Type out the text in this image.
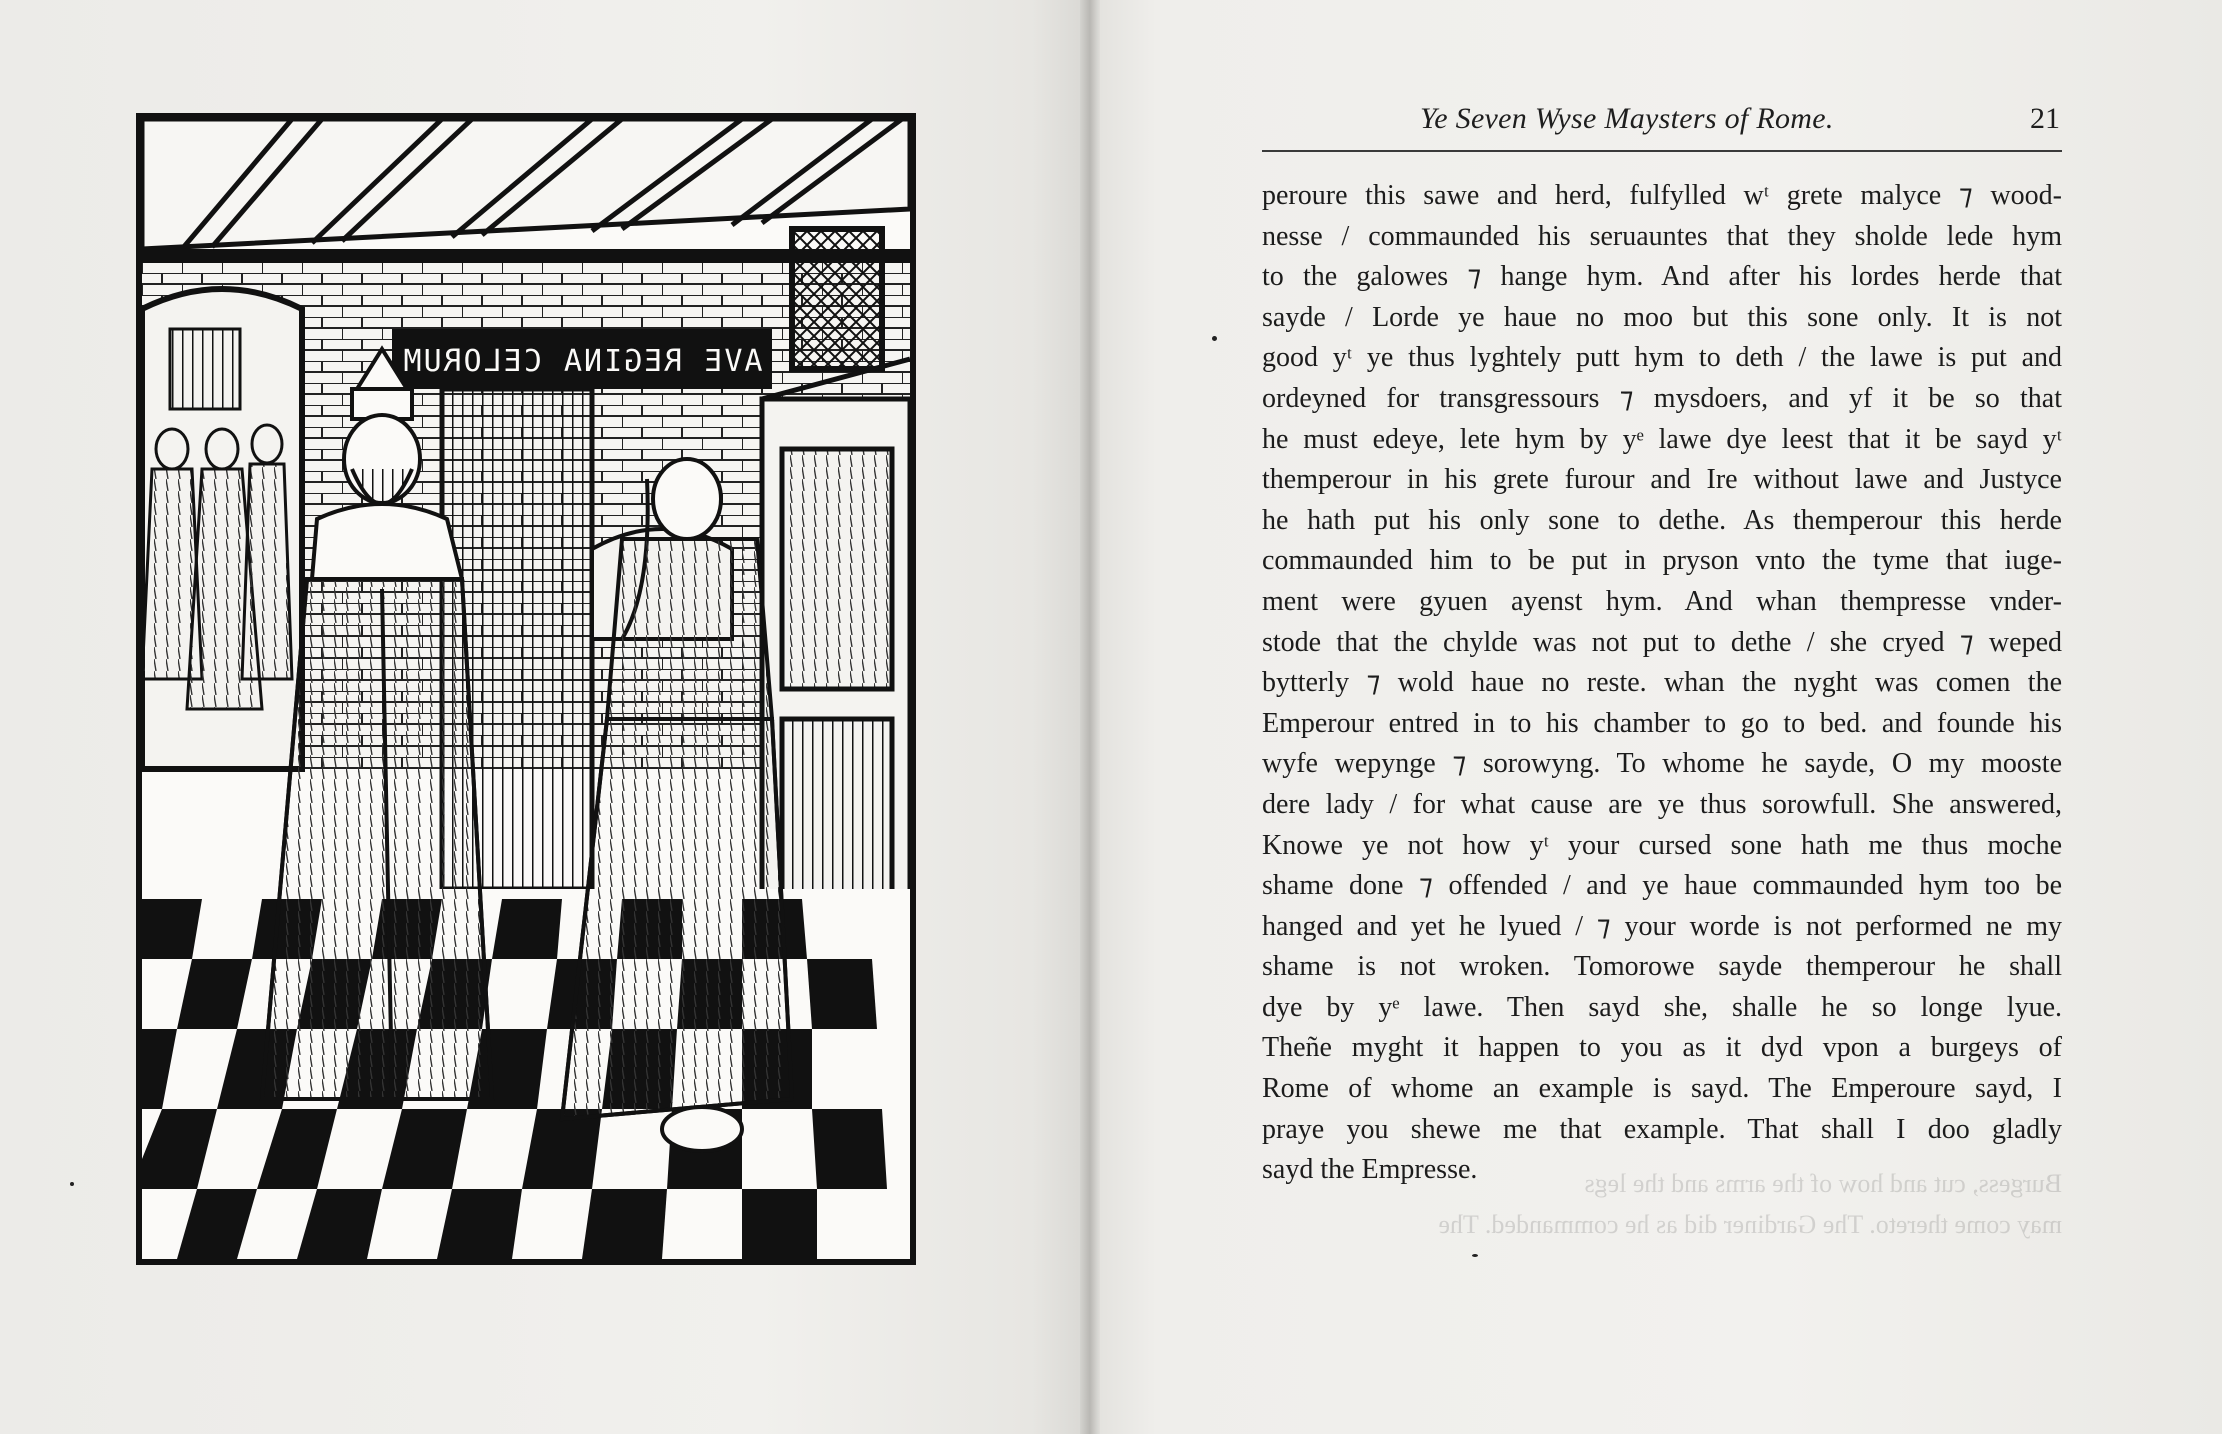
AVE REGINA CELORUM
Ye Seven Wyse Maysters of Rome.	21
peroure this sawe and herd, fulfylled wᵗ grete malyce ⁊ wood-
nesse / commaunded his seruauntes that they sholde lede hym
to the galowes ⁊ hange hym. And after his lordes herde that
sayde / Lorde ye haue no moo but this sone only. It is not
good yᵗ ye thus lyghtely putt hym to deth / the lawe is put and
ordeyned for transgressours ⁊ mysdoers, and yf it be so that
he must edeye, lete hym by yᵉ lawe dye leest that it be sayd yᵗ
themperour in his grete furour and Ire without lawe and Justyce
he hath put his only sone to dethe. As themperour this herde
commaunded him to be put in pryson vnto the tyme that iuge-
ment were gyuen ayenst hym. And whan thempresse vnder-
stode that the chylde was not put to dethe / she cryed ⁊ weped
bytterly ⁊ wold haue no reste. whan the nyght was comen the
Emperour entred in to his chamber to go to bed. and founde his
wyfe wepynge ⁊ sorowyng. To whome he sayde, O my mooste
dere lady / for what cause are ye thus sorowfull. She answered,
Knowe ye not how yᵗ your cursed sone hath me thus moche
shame done ⁊ offended / and ye haue commaunded hym too be
hanged and yet he lyued / ⁊ your worde is not performed ne my
shame is not wroken. Tomorowe sayde themperour he shall
dye by yᵉ lawe. Then sayd she, shalle he so longe lyue.
Theñe myght it happen to you as it dyd vpon a burgeys of
Rome of whome an example is sayd. The Emperoure sayd, I
praye you shewe me that example. That shall I doo gladly
sayd the Empresse.	Burgess, cut and how of the arms and the legs
may come thereto. The Gardiner did as he commanded. The
